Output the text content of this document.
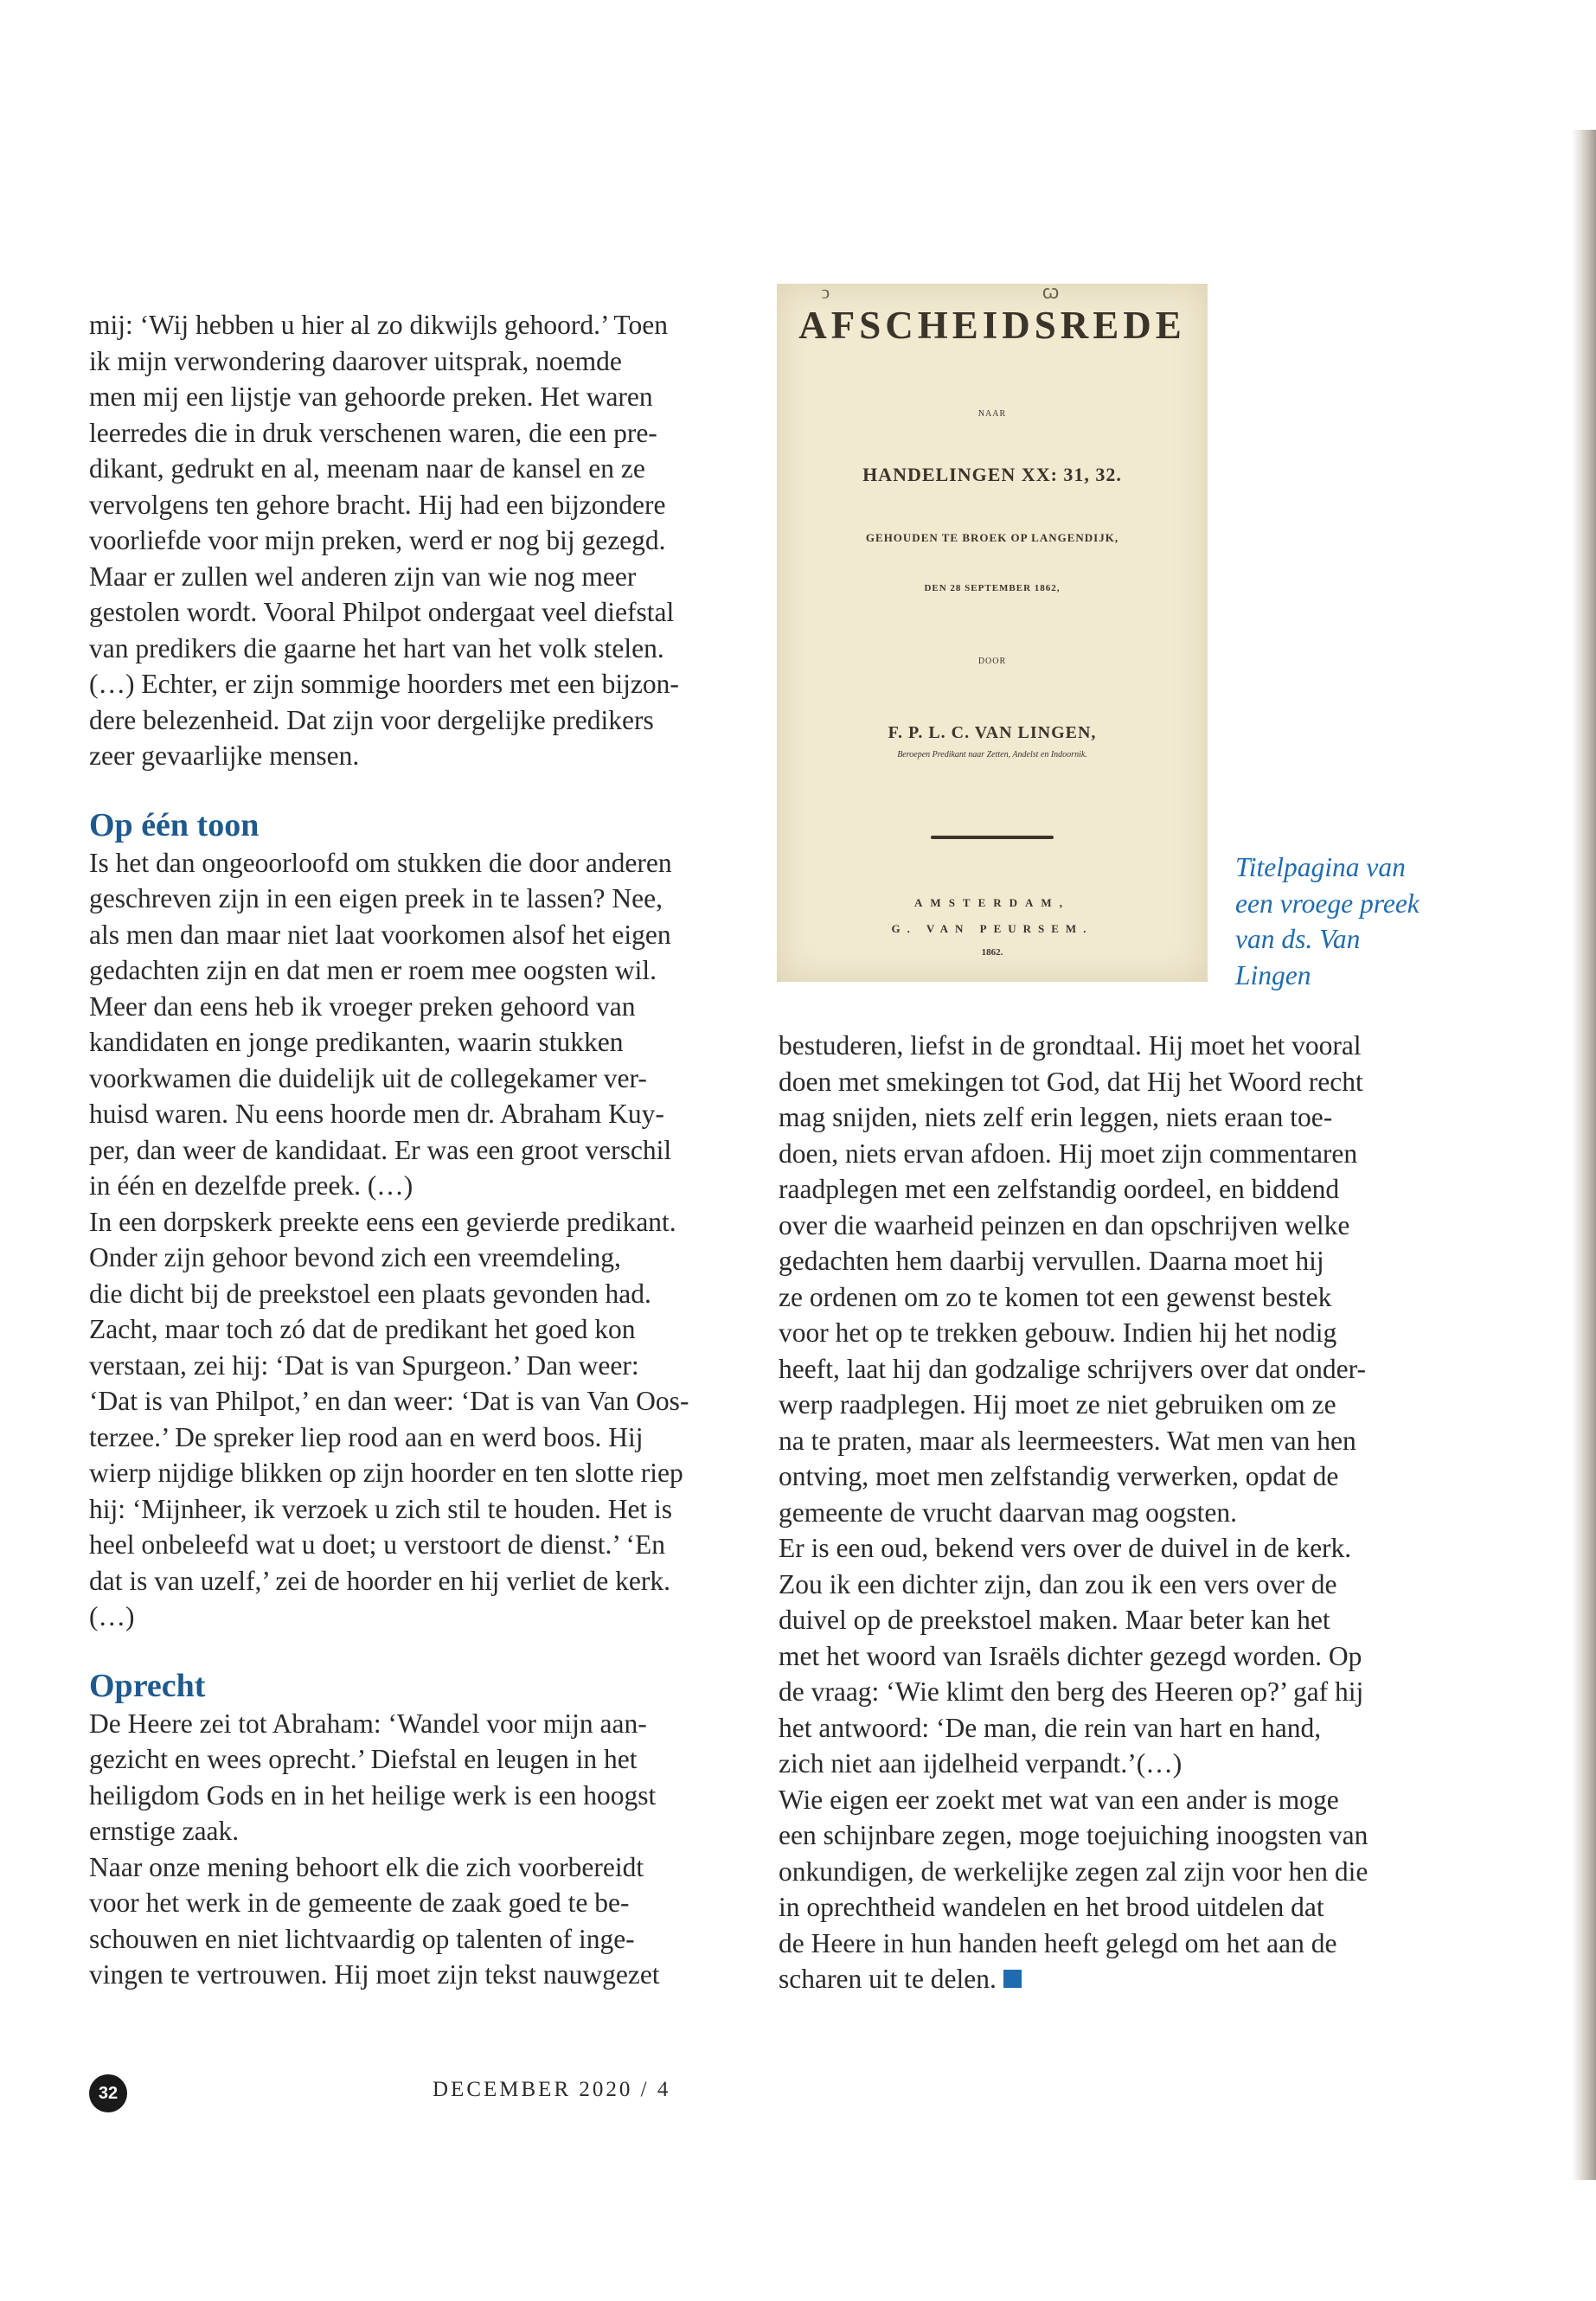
mij: ‘Wij hebben u hier al zo dikwijls gehoord.’ Toen

ik mijn verwondering daarover uitsprak, noemde

men mij een lijstje van gehoorde preken. Het waren

leerredes die in druk verschenen waren, die een pre-

dikant, gedrukt en al, meenam naar de kansel en ze

vervolgens ten gehore bracht. Hij had een bijzondere

voorliefde voor mijn preken, werd er nog bij gezegd.

Maar er zullen wel anderen zijn van wie nog meer

gestolen wordt. Vooral Philpot ondergaat veel diefstal

van predikers die gaarne het hart van het volk stelen.

(…) Echter, er zijn sommige hoorders met een bijzon-

dere belezenheid. Dat zijn voor dergelijke predikers

zeer gevaarlijke mensen.

Op één toon

Is het dan ongeoorloofd om stukken die door anderen

geschreven zijn in een eigen preek in te lassen? Nee,

als men dan maar niet laat voorkomen alsof het eigen

gedachten zijn en dat men er roem mee oogsten wil.

Meer dan eens heb ik vroeger preken gehoord van

kandidaten en jonge predikanten, waarin stukken

voorkwamen die duidelijk uit de collegekamer ver-

huisd waren. Nu eens hoorde men dr. Abraham Kuy-

per, dan weer de kandidaat. Er was een groot verschil

in één en dezelfde preek. (…)

In een dorpskerk preekte eens een gevierde predikant.

Onder zijn gehoor bevond zich een vreemdeling,

die dicht bij de preekstoel een plaats gevonden had.

Zacht, maar toch zó dat de predikant het goed kon

verstaan, zei hij: ‘Dat is van Spurgeon.’ Dan weer:

‘Dat is van Philpot,’ en dan weer: ‘Dat is van Van Oos-

terzee.’ De spreker liep rood aan en werd boos. Hij

wierp nijdige blikken op zijn hoorder en ten slotte riep

hij: ‘Mijnheer, ik verzoek u zich stil te houden. Het is

heel onbeleefd wat u doet; u verstoort de dienst.’ ‘En

dat is van uzelf,’ zei de hoorder en hij verliet de kerk.

(…)

Oprecht

De Heere zei tot Abraham: ‘Wandel voor mijn aan-

gezicht en wees oprecht.’ Diefstal en leugen in het

heiligdom Gods en in het heilige werk is een hoogst

ernstige zaak.

Naar onze mening behoort elk die zich voorbereidt

voor het werk in de gemeente de zaak goed te be-

schouwen en niet lichtvaardig op talenten of inge-

vingen te vertrouwen. Hij moet zijn tekst nauwgezet

ↄ ꞷ
AFSCHEIDSREDE
NAAR
HANDELINGEN XX: 31, 32.
GEHOUDEN TE BROEK OP LANGENDIJK,
DEN 28 SEPTEMBER 1862,
DOOR
F. P. L. C. VAN LINGEN,
Beroepen Predikant naar Zetten, Andelst en Indoornik.
AMSTERDAM,
G. VAN PEURSEM.
1862.
Titelpagina van
een vroege preek
van ds. Van
Lingen

bestuderen, liefst in de grondtaal. Hij moet het vooral

doen met smekingen tot God, dat Hij het Woord recht

mag snijden, niets zelf erin leggen, niets eraan toe-

doen, niets ervan afdoen. Hij moet zijn commentaren

raadplegen met een zelfstandig oordeel, en biddend

over die waarheid peinzen en dan opschrijven welke

gedachten hem daarbij vervullen. Daarna moet hij

ze ordenen om zo te komen tot een gewenst bestek

voor het op te trekken gebouw. Indien hij het nodig

heeft, laat hij dan godzalige schrijvers over dat onder-

werp raadplegen. Hij moet ze niet gebruiken om ze

na te praten, maar als leermeesters. Wat men van hen

ontving, moet men zelfstandig verwerken, opdat de

gemeente de vrucht daarvan mag oogsten.

Er is een oud, bekend vers over de duivel in de kerk.

Zou ik een dichter zijn, dan zou ik een vers over de

duivel op de preekstoel maken. Maar beter kan het

met het woord van Israëls dichter gezegd worden. Op

de vraag: ‘Wie klimt den berg des Heeren op?’ gaf hij

het antwoord: ‘De man, die rein van hart en hand,

zich niet aan ijdelheid verpandt.’(…)

Wie eigen eer zoekt met wat van een ander is moge

een schijnbare zegen, moge toejuiching inoogsten van

onkundigen, de werkelijke zegen zal zijn voor hen die

in oprechtheid wandelen en het brood uitdelen dat

de Heere in hun handen heeft gelegd om het aan de

scharen uit te delen.

32	DECEMBER 2020 / 4
